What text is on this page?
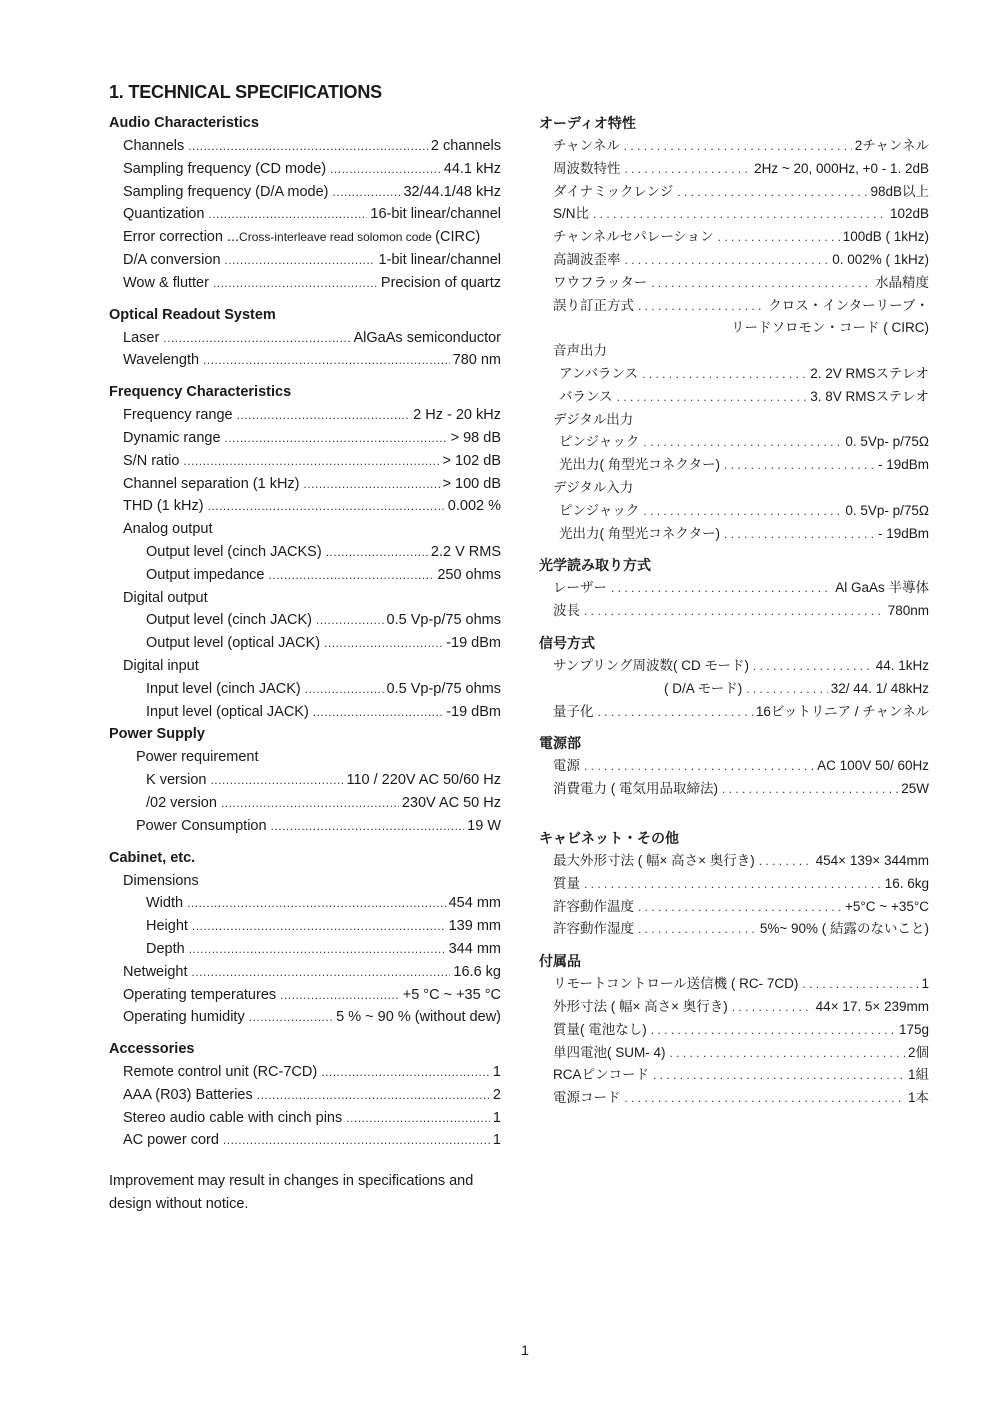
1. TECHNICAL SPECIFICATIONS
Audio Characteristics
Channels .....	2 channels
Sampling frequency (CD mode) .....	44.1 kHz
Sampling frequency (D/A mode) .....	32/44.1/48 kHz
Quantization .....	16-bit linear/channel
Error correction ... Cross-interleave read solomon code (CIRC)
D/A conversion .....	1-bit linear/channel
Wow & flutter .....	Precision of quartz
Optical Readout System
Laser .....	AlGaAs semiconductor
Wavelength .....	780 nm
Frequency Characteristics
Frequency range .....	2 Hz - 20 kHz
Dynamic range .....	> 98 dB
S/N ratio .....	> 102 dB
Channel separation (1 kHz) .....	> 100 dB
THD (1 kHz) .....	0.002 %
Analog output
Output level (cinch JACKS) .....	2.2 V RMS
Output impedance .....	250 ohms
Digital output
Output level (cinch JACK) .....	0.5 Vp-p/75 ohms
Output level (optical JACK) .....	-19 dBm
Digital input
Input level (cinch JACK) .....	0.5 Vp-p/75 ohms
Input level (optical JACK) .....	-19 dBm
Power Supply
Power requirement
K version .....	110 / 220V AC 50/60 Hz
/02 version .....	230V AC 50 Hz
Power Consumption .....	19 W
Cabinet, etc.
Dimensions
Width .....	454 mm
Height .....	139 mm
Depth .....	344 mm
Netweight .....	16.6 kg
Operating temperatures .....	+5 °C ~ +35 °C
Operating humidity .....	5 % ~ 90 % (without dew)
Accessories
Remote control unit (RC-7CD) .....	1
AAA (R03) Batteries .....	2
Stereo audio cable with cinch pins .....	1
AC power cord .....	1
Improvement may result in changes in specifications and
design without notice.
オーディオ特性
チャンネル . . .	2チャンネル
周波数特性 . . .	2Hz ~ 20, 000Hz, +0 - 1. 2dB
ダイナミックレンジ . . .	98dB以上
S/N比 . . .	102dB
チャンネルセパレーション . . .	100dB ( 1kHz)
高調波歪率 . . .	0. 002% ( 1kHz)
ワウフラッター . . .	水晶精度
誤り訂正方式 . . .	クロス・インターリーブ・
リードソロモン・コード ( CIRC)
音声出力
アンバランス . . .	2. 2V RMSステレオ
バランス . . .	3. 8V RMSステレオ
デジタル出力
ピンジャック . . .	0. 5Vp- p/75Ω
光出力( 角型光コネクター) . . .	- 19dBm
デジタル入力
ピンジャック . . .	0. 5Vp- p/75Ω
光出力( 角型光コネクター) . . .	- 19dBm
光学読み取り方式
レーザー . . .	Al GaAs 半導体
波長 . . .	780nm
信号方式
サンプリング周波数( CD モード) . . .	44. 1kHz
( D/A モード) . . .	32/ 44. 1/ 48kHz
量子化 . . .	16ビットリニア / チャンネル
電源部
電源 . . .	AC 100V 50/ 60Hz
消費電力 ( 電気用品取締法) . . .	25W
キャビネット・その他
最大外形寸法 ( 幅× 高さ× 奥行き) . . .	454× 139× 344mm
質量 . . .	16. 6kg
許容動作温度 . . .	+5°C ~ +35°C
許容動作湿度 . . .	5%~ 90% ( 結露のないこと)
付属品
リモートコントロール送信機 ( RC- 7CD) . . .	1
外形寸法 ( 幅× 高さ× 奥行き) . . .	44× 17. 5× 239mm
質量( 電池なし) . . .	175g
単四電池( SUM- 4) . . .	2個
RCAピンコード . . .	1組
電源コード . . .	1本
1
